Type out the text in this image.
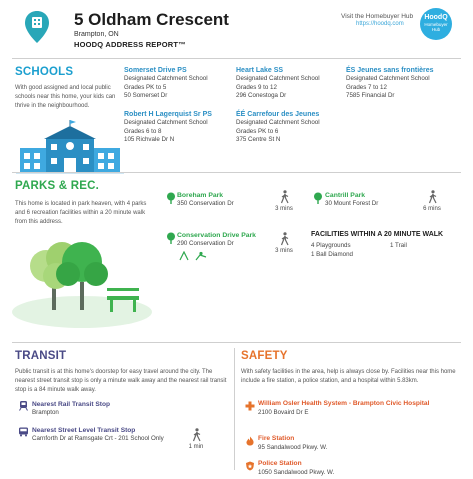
5 Oldham Crescent
Brampton, ON
HOODQ ADDRESS REPORT™
Visit the Homebuyer Hub
https://hoodq.com
HoodQ
Homebuyer Hub
SCHOOLS
With good assigned and local public schools near this home, your kids can thrive in the neighbourhood.
Somerset Drive PS
Designated Catchment School
Grades PK to 5
50 Somerset Dr
Heart Lake SS
Designated Catchment School
Grades 9 to 12
296 Conestoga Dr
ÉS Jeunes sans frontières
Designated Catchment School
Grades 7 to 12
7585 Financial Dr
Robert H Lagerquist Sr PS
Designated Catchment School
Grades 6 to 8
105 Richvale Dr N
ÉÉ Carrefour des Jeunes
Designated Catchment School
Grades PK to 6
375 Centre St N
PARKS & REC.
This home is located in park heaven, with 4 parks and 6 recreation facilities within a 20 minute walk from this address.
Boreham Park
350 Conservation Dr
3 mins
Cantrill Park
30 Mount Forest Dr
6 mins
Conservation Drive Park
290 Conservation Dr
3 mins
FACILITIES WITHIN A 20 MINUTE WALK
4 Playgrounds	1 Trail
1 Ball Diamond
TRANSIT
Public transit is at this home's doorstep for easy travel around the city. The nearest street transit stop is only a minute walk away and the nearest rail transit stop is a 84 minute walk away.
Nearest Rail Transit Stop
Brampton
Nearest Street Level Transit Stop
Carnforth Dr at Ramsgate Crt - 201 School Only
1 min
SAFETY
With safety facilities in the area, help is always close by. Facilities near this home include a fire station, a police station, and a hospital within 5.83km.
William Osler Health System - Brampton Civic Hospital
2100 Bovaird Dr E
Fire Station
95 Sandalwood Pkwy. W.
Police Station
1050 Sandalwood Pkwy. W.
